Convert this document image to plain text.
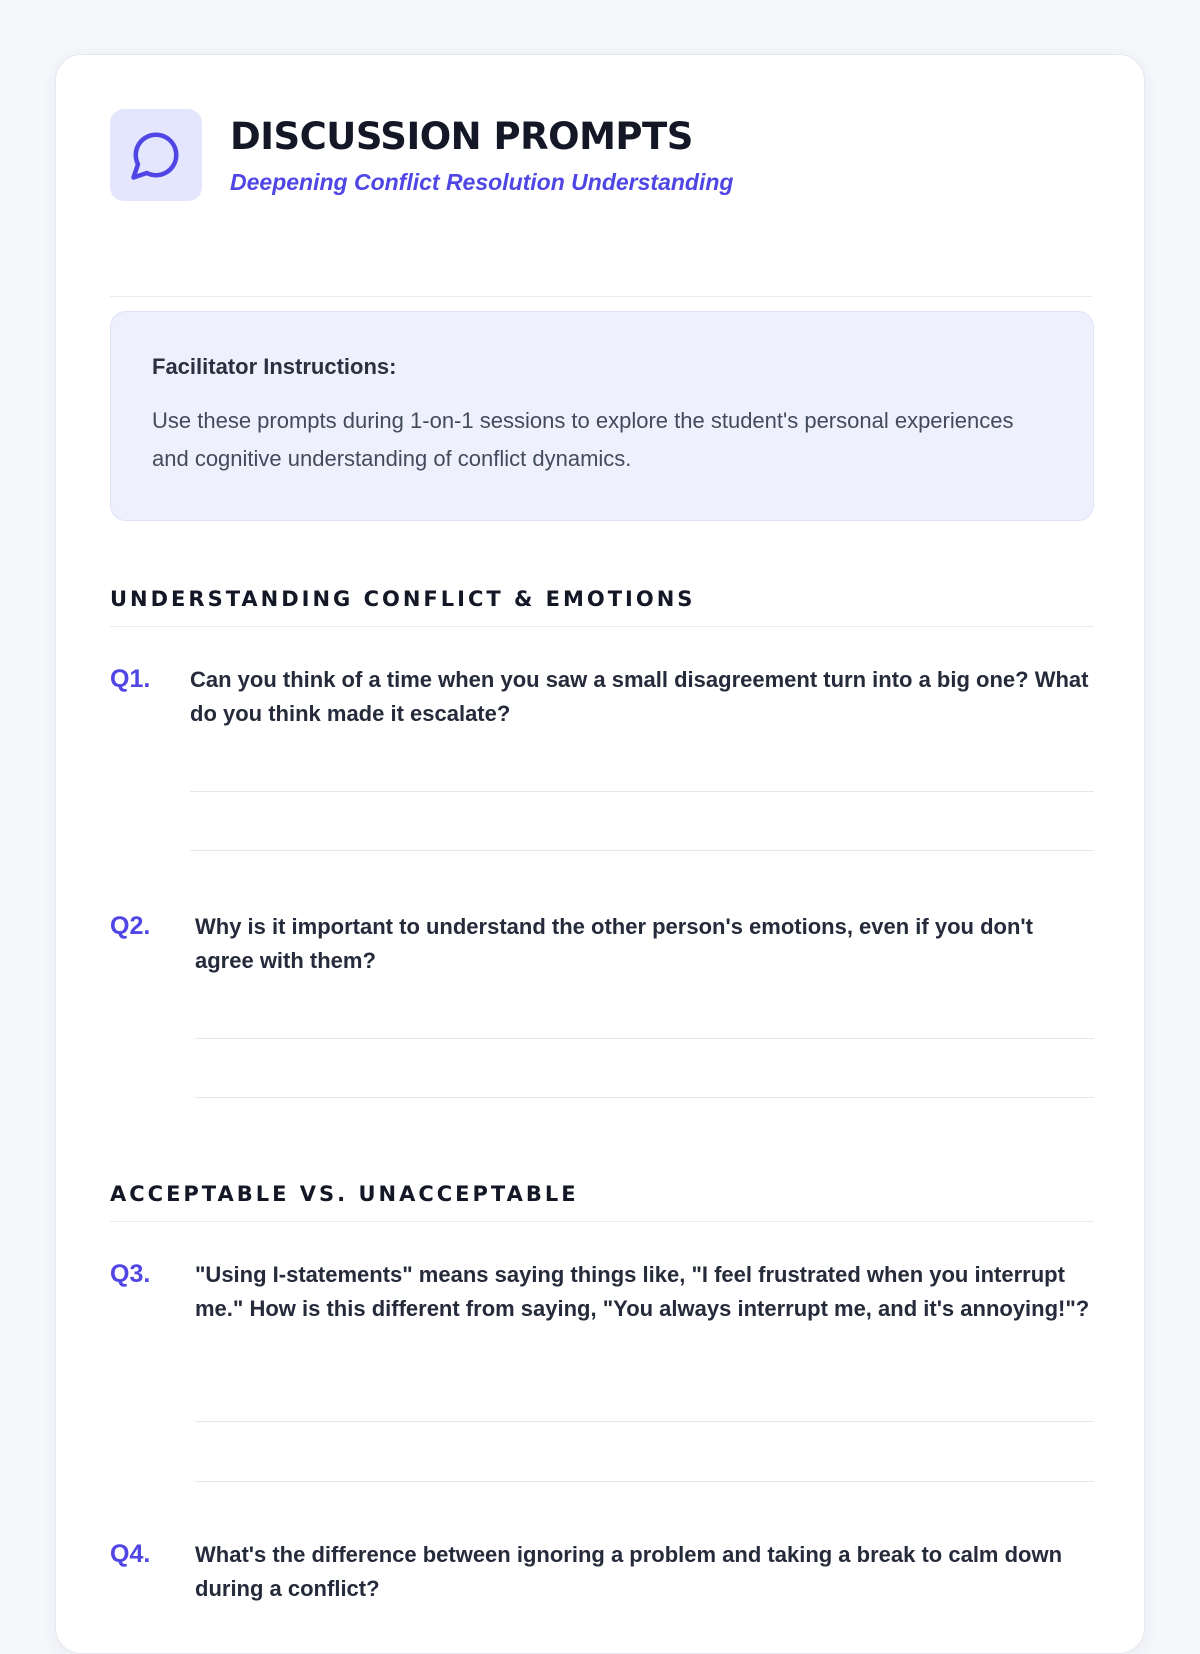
DISCUSSION PROMPTS
Deepening Conflict Resolution Understanding

Facilitator Instructions:

Use these prompts during 1-on-1 sessions to explore the student's personal experiences and cognitive understanding of conflict dynamics.

UNDERSTANDING CONFLICT & EMOTIONS
Q1. Can you think of a time when you saw a small disagreement turn into a big one? What do you think made it escalate?
Q2. Why is it important to understand the other person's emotions, even if you don't agree with them?
ACCEPTABLE VS. UNACCEPTABLE
Q3. "Using I-statements" means saying things like, "I feel frustrated when you interrupt me." How is this different from saying, "You always interrupt me, and it's annoying!"?
Q4. What's the difference between ignoring a problem and taking a break to calm down during a conflict?
